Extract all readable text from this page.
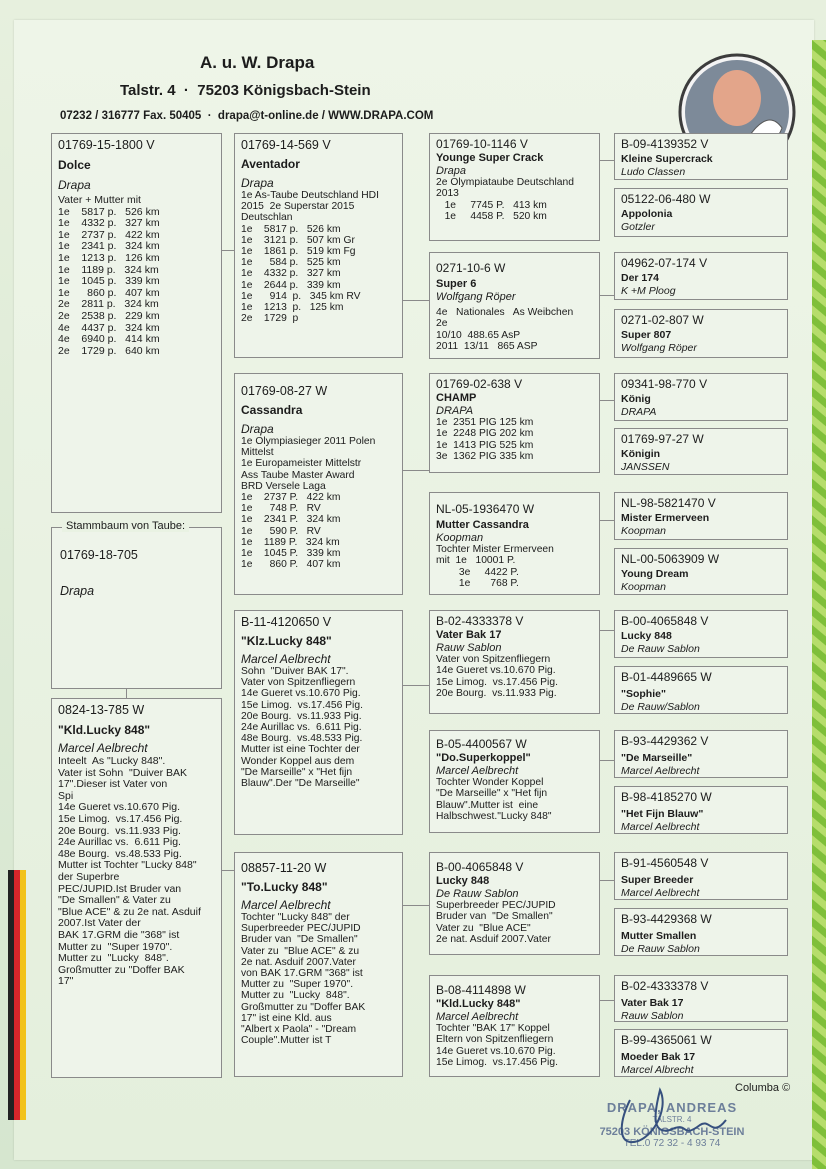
A. u. W. Drapa
Talstr. 4  ·  75203 Königsbach-Stein
07232 / 316777 Fax. 50405  ·  drapa@t-online.de / WWW.DRAPA.COM
01769-15-1800 V
Dolce
Drapa
Vater + Mutter mit
1e    5817 p.   526 km
1e    4332 p.   327 km
1e    2737 p.   422 km
1e    2341 p.   324 km
1e    1213 p.   126 km
1e    1189 p.   324 km
1e    1045 p.   339 km
1e      860 p.   407 km
2e    2811 p.   324 km
2e    2538 p.   229 km
4e    4437 p.   324 km
4e    6940 p.   414 km
2e    1729 p.   640 km
01769-18-705
Drapa
Stammbaum von Taube:
0824-13-785 W
"Kld.Lucky 848"
Marcel Aelbrecht
Inteelt  As "Lucky 848".
Vater ist Sohn  "Duiver BAK
17".Dieser ist Vater von
Spi
14e Gueret vs.10.670 Pig.
15e Limog.  vs.17.456 Pig.
20e Bourg.  vs.11.933 Pig.
24e Aurillac vs.  6.611 Pig.
48e Bourg.  vs.48.533 Pig.
Mutter ist Tochter "Lucky 848"
der Superbre
PEC/JUPID.Ist Bruder van
"De Smallen" & Vater zu
"Blue ACE" & zu 2e nat. Asduif
2007.Ist Vater der
BAK 17.GRM die "368" ist
Mutter zu  "Super 1970".
Mutter zu  "Lucky  848".
Großmutter zu "Doffer BAK
17"
01769-14-569 V
Aventador
Drapa
1e As-Taube Deutschland HDI
2015  2e Superstar 2015
Deutschlan
1e    5817 p.   526 km
1e    3121 p.   507 km Gr
1e    1861 p.   519 km Fg
1e      584 p.   525 km
1e    4332 p.   327 km
1e    2644 p.   339 km
1e      914  p.   345 km RV
1e    1213  p.   125 km
2e    1729  p
01769-08-27 W
Cassandra
Drapa
1e Olympiasieger 2011 Polen
Mittelst
1e Europameister Mittelstr
Ass Taube Master Award
BRD Versele Laga
1e    2737 P.   422 km
1e      748 P.   RV
1e    2341 P.   324 km
1e      590 P.   RV
1e    1189 P.   324 km
1e    1045 P.   339 km
1e      860 P.   407 km
B-11-4120650 V
"Klz.Lucky 848"
Marcel Aelbrecht
Sohn  "Duiver BAK 17".
Vater von Spitzenfliegern
14e Gueret vs.10.670 Pig.
15e Limog.  vs.17.456 Pig.
20e Bourg.  vs.11.933 Pig.
24e Aurillac vs.  6.611 Pig.
48e Bourg.  vs.48.533 Pig.
Mutter ist eine Tochter der
Wonder Koppel aus dem
"De Marseille" x "Het fijn
Blauw".Der "De Marseille"
08857-11-20 W
"To.Lucky 848"
Marcel Aelbrecht
Tochter "Lucky 848" der
Superbreeder PEC/JUPID
Bruder van  "De Smallen"
Vater zu  "Blue ACE" & zu
2e nat. Asduif 2007.Vater
von BAK 17.GRM "368" ist
Mutter zu  "Super 1970".
Mutter zu  "Lucky  848".
Großmutter zu "Doffer BAK
17" ist eine Kld. aus
"Albert x Paola" - "Dream
Couple".Mutter ist T
01769-10-1146 V
Younge Super Crack
Drapa
2e Olympiataube Deutschland
2013
1e     7745 P.   413 km
1e     4458 P.   520 km
0271-10-6 W
Super 6
Wolfgang Röper
4e   Nationales   As Weibchen
2e
10/10  488.65 AsP
2011  13/11   865 ASP
01769-02-638 V
CHAMP
DRAPA
1e  2351 PIG 125 km
1e  2248 PIG 202 km
1e  1413 PIG 525 km
3e  1362 PIG 335 km
NL-05-1936470 W
Mutter Cassandra
Koopman
Tochter Mister Ermerveen
mit  1e   10001 P.
3e     4422 P.
1e       768 P.
B-02-4333378 V
Vater Bak 17
Rauw Sablon
Vater von Spitzenfliegern
14e Gueret vs.10.670 Pig.
15e Limog.  vs.17.456 Pig.
20e Bourg.  vs.11.933 Pig.
B-05-4400567 W
"Do.Superkoppel"
Marcel Aelbrecht
Tochter Wonder Koppel
"De Marseille" x "Het fijn
Blauw".Mutter ist  eine
Halbschwest."Lucky 848"
B-00-4065848 V
Lucky 848
De Rauw Sablon
Superbreeder PEC/JUPID
Bruder van  "De Smallen"
Vater zu  "Blue ACE"
2e nat. Asduif 2007.Vater
B-08-4114898 W
"Kld.Lucky 848"
Marcel Aelbrecht
Tochter "BAK 17" Koppel
Eltern von Spitzenfliegern
14e Gueret vs.10.670 Pig.
15e Limog.  vs.17.456 Pig.
B-09-4139352 V
Kleine Supercrack
Ludo Classen
05122-06-480 W
Appolonia
Gotzler
04962-07-174 V
Der 174
K +M Ploog
0271-02-807 W
Super 807
Wolfgang Röper
09341-98-770 V
König
DRAPA
01769-97-27 W
Königin
JANSSEN
NL-98-5821470 V
Mister Ermerveen
Koopman
NL-00-5063909 W
Young Dream
Koopman
B-00-4065848 V
Lucky 848
De Rauw Sablon
B-01-4489665 W
"Sophie"
De Rauw/Sablon
B-93-4429362 V
"De Marseille"
Marcel Aelbrecht
B-98-4185270 W
"Het Fijn Blauw"
Marcel Aelbrecht
B-91-4560548 V
Super Breeder
Marcel Aelbrecht
B-93-4429368 W
Mutter Smallen
De Rauw Sablon
B-02-4333378 V
Vater Bak 17
Rauw Sablon
B-99-4365061 W
Moeder Bak 17
Marcel Albrecht
Columba ©
DRAPA, ANDREAS
TALSTR. 4
75203 KÖNIGSBACH-STEIN
TEL.0 72 32 - 4 93 74
